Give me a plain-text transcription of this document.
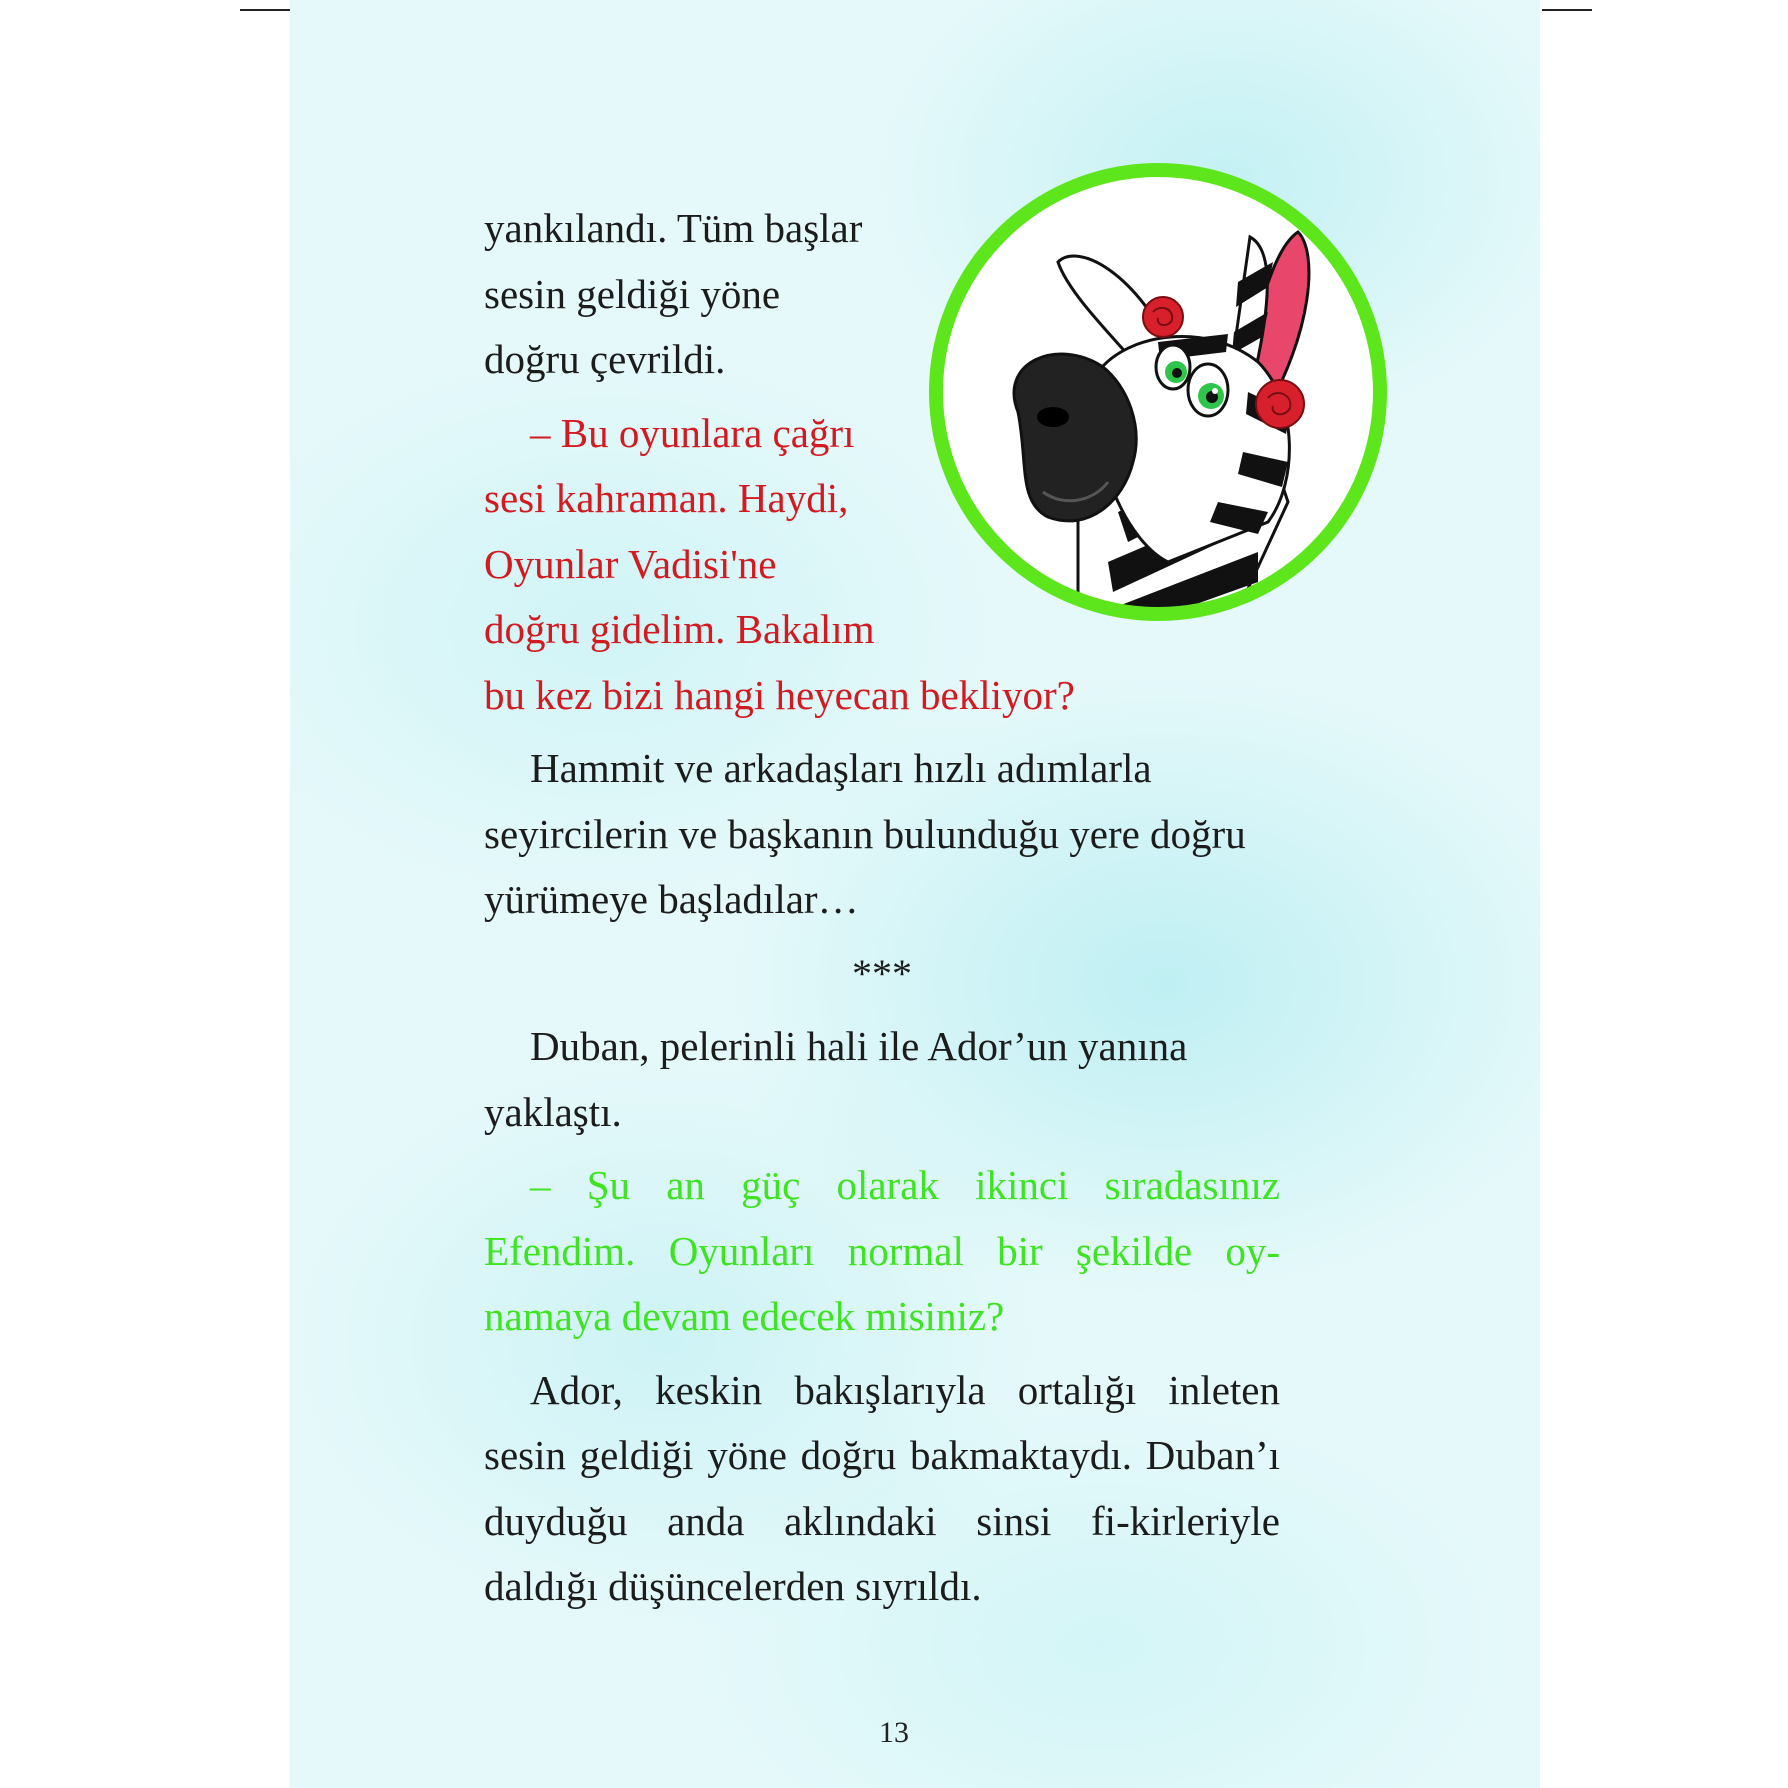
yankılandı. Tüm başlar
sesin geldiği yöne
doğru çevrildi.

– Bu oyunlara çağrı
sesi kahraman. Haydi,
Oyunlar Vadisi'ne
doğru gidelim. Bakalım
bu kez bizi hangi heyecan bekliyor?

Hammit ve arkadaşları hızlı adımlarla seyircilerin ve başkanın bulunduğu yere doğru yürümeye başladılar…

***

Duban, pelerinli hali ile Ador’un yanına yaklaştı.

– Şu an güç olarak ikinci sıradasınız Efendim. Oyunları normal bir şekilde oy-namaya devam edecek misiniz?

Ador, keskin bakışlarıyla ortalığı inleten sesin geldiği yöne doğru bakmaktaydı. Duban’ı duyduğu anda aklındaki sinsi fi-kirleriyle daldığı düşüncelerden sıyrıldı.

13
